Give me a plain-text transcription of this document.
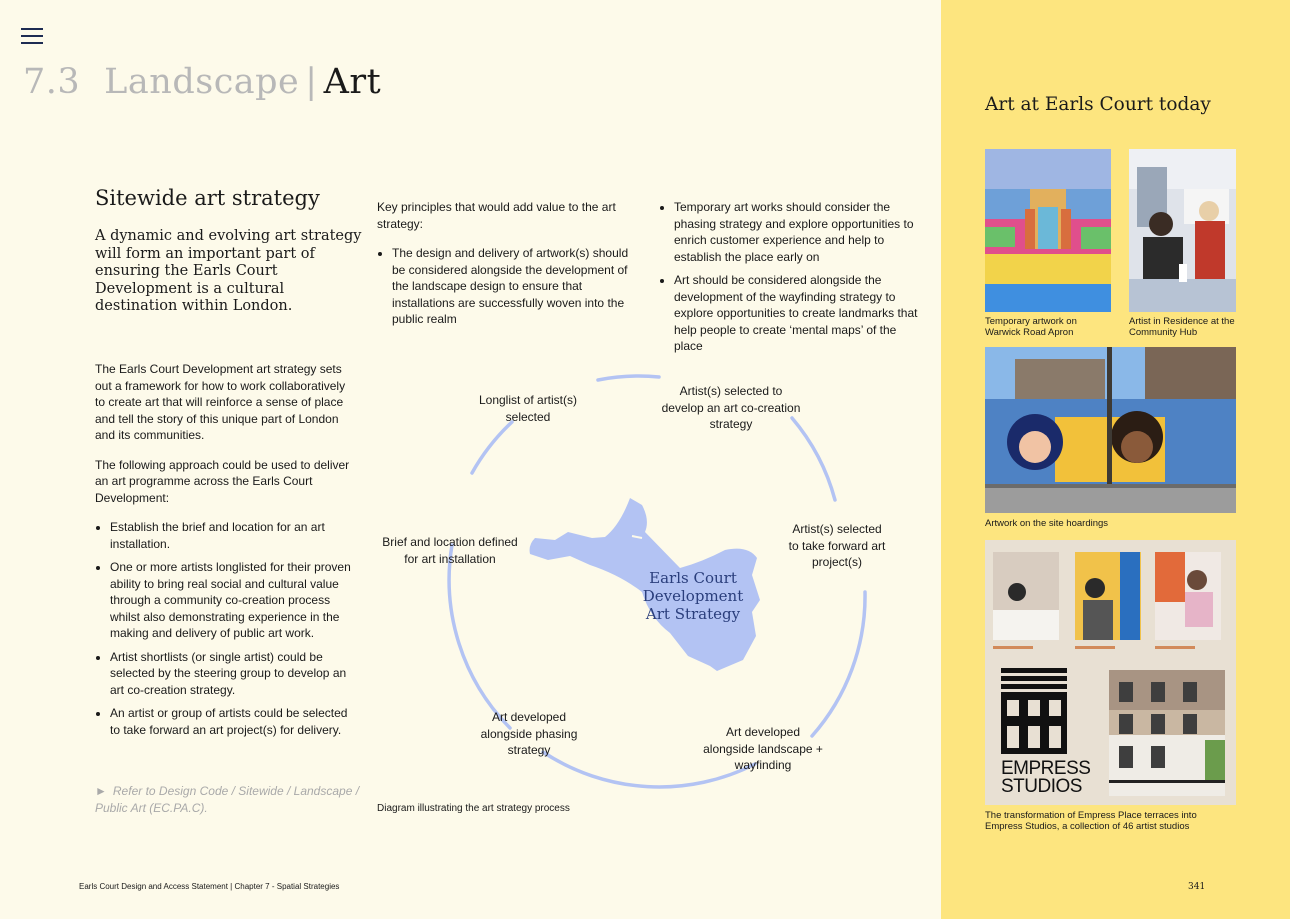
7.3 Landscape | Art
Sitewide art strategy
A dynamic and evolving art strategy will form an important part of ensuring the Earls Court Development is a cultural destination within London.

The Earls Court Development art strategy sets out a framework for how to work collaboratively to create art that will reinforce a sense of place and tell the story of this unique part of London and its communities.

The following approach could be used to deliver an art programme across the Earls Court Development:

• Establish the brief and location for an art installation.
• One or more artists longlisted for their proven ability to bring real social and cultural value through a community co-creation process whilst also demonstrating experience in the making and delivery of public art work.
• Artist shortlists (or single artist) could be selected by the steering group to develop an art co-creation strategy.
• An artist or group of artists could be selected to take forward an art project(s) for delivery.
► Refer to Design Code / Sitewide / Landscape / Public Art (EC.PA.C).

Key principles that would add value to the art strategy:

• The design and delivery of artwork(s) should be considered alongside the development of the landscape design to ensure that installations are successfully woven into the public realm
• Temporary art works should consider the phasing strategy and explore opportunities to enrich customer experience and help to establish the place early on
• Art should be considered alongside the development of the wayfinding strategy to explore opportunities to create landmarks that help people to create ‘mental maps’ of the place
Earls Court
Development
Art Strategy
Longlist of artist(s)
selected
Artist(s) selected to
develop an art co-creation
strategy
Artist(s) selected
to take forward art
project(s)
Art developed
alongside landscape +
wayfinding
Art developed
alongside phasing
strategy
Brief and location defined
for art installation
Diagram illustrating the art strategy process
Art at Earls Court today
Temporary artwork on
Warwick Road Apron
Artist in Residence at the
Community Hub
Artwork on the site hoardings
EMPRESS
STUDIOS
The transformation of Empress Place terraces into
Empress Studios, a collection of 46 artist studios
Earls Court Design and Access Statement | Chapter 7 - Spatial Strategies	341
